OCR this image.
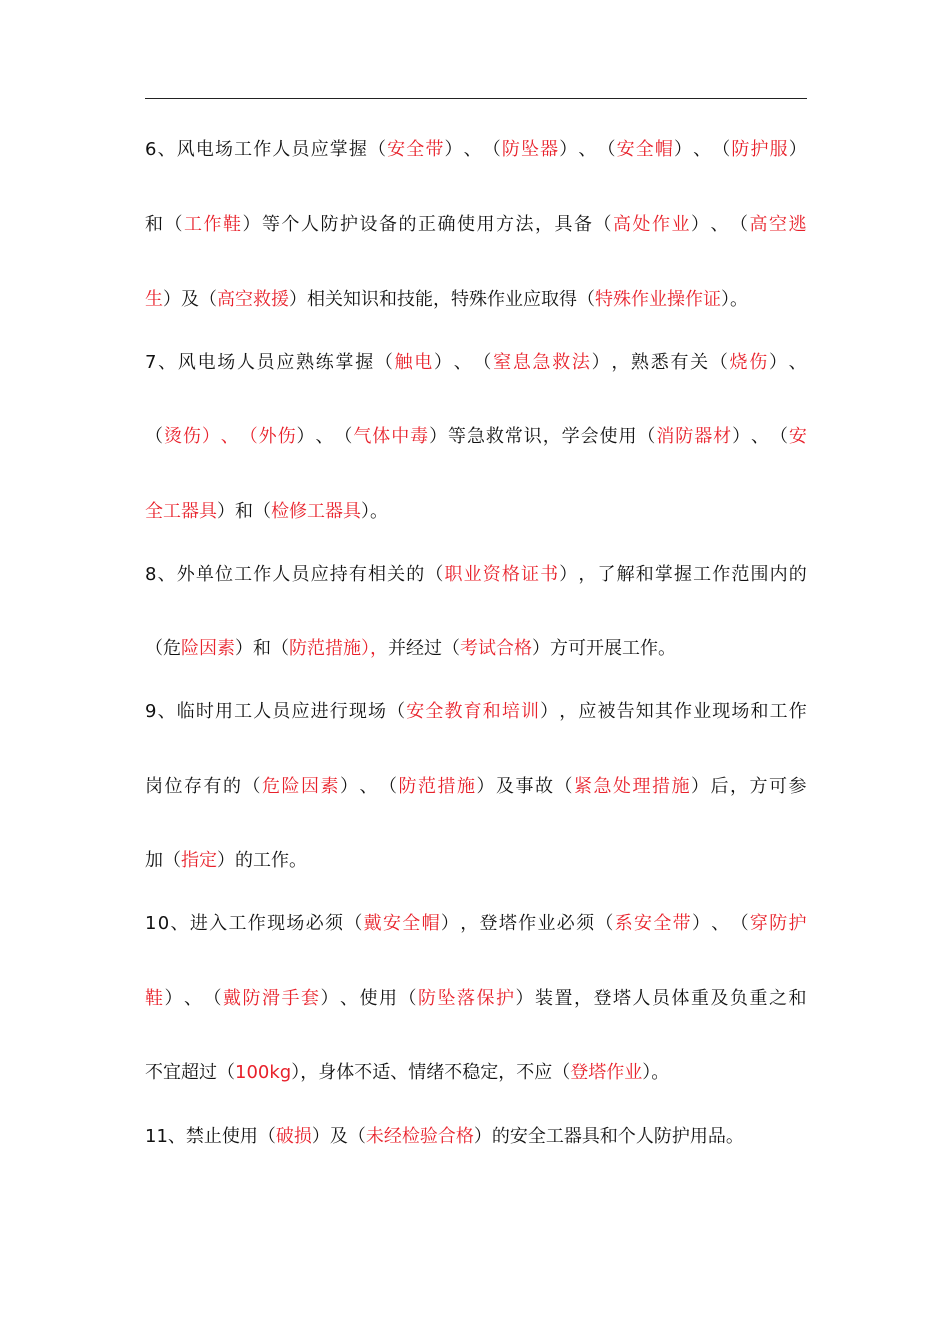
6 、 风 电 场 工 作 人 员 应 掌 握 （ 安 全 带 ） 、 （ 防 坠 器 ） 、 （ 安 全 帽 ） 、 （ 防 护 服 ）
和 （ 工 作 鞋 ） 等 个 人 防 护 设 备 的 正 确 使 用 方 法 ， 具 备 （ 高 处 作 业 ） 、 （ 高 空 逃
生）及（高空救援）相关知识和技能，特殊作业应取得（特殊作业操作证）。
7 、 风 电 场 人 员 应 熟 练 掌 握 （ 触 电 ） 、 （ 窒 息 急 救 法 ） ， 熟 悉 有 关 （ 烧 伤 ） 、
（ 烫 伤 ） 、 （ 外 伤 ） 、 （ 气 体 中 毒 ） 等 急 救 常 识 ， 学 会 使 用 （ 消 防 器 材 ） 、 （ 安
全工器具）和（检修工器具）。
8 、 外 单 位 工 作 人 员 应 持 有 相 关 的 （ 职 业 资 格 证 书 ） ， 了 解 和 掌 握 工 作 范 围 内 的
（危险因素）和（防范措施），并经过（考试合格）方可开展工作。
9 、 临 时 用 工 人 员 应 进 行 现 场 （ 安 全 教 育 和 培 训 ） ， 应 被 告 知 其 作 业 现 场 和 工 作
岗 位 存 有 的 （ 危 险 因 素 ） 、 （ 防 范 措 施 ） 及 事 故 （ 紧 急 处 理 措 施 ） 后 ， 方 可 参
加（指定）的工作。
1 0 、 进 入 工 作 现 场 必 须 （ 戴 安 全 帽 ） ， 登 塔 作 业 必 须 （ 系 安 全 带 ） 、 （ 穿 防 护
鞋 ） 、 （ 戴 防 滑 手 套 ） 、 使 用 （ 防 坠 落 保 护 ） 装 置 ， 登 塔 人 员 体 重 及 负 重 之 和
不宜超过（100kg），身体不适、情绪不稳定，不应（登塔作业）。
11、禁止使用（破损）及（未经检验合格）的安全工器具和个人防护用品。
